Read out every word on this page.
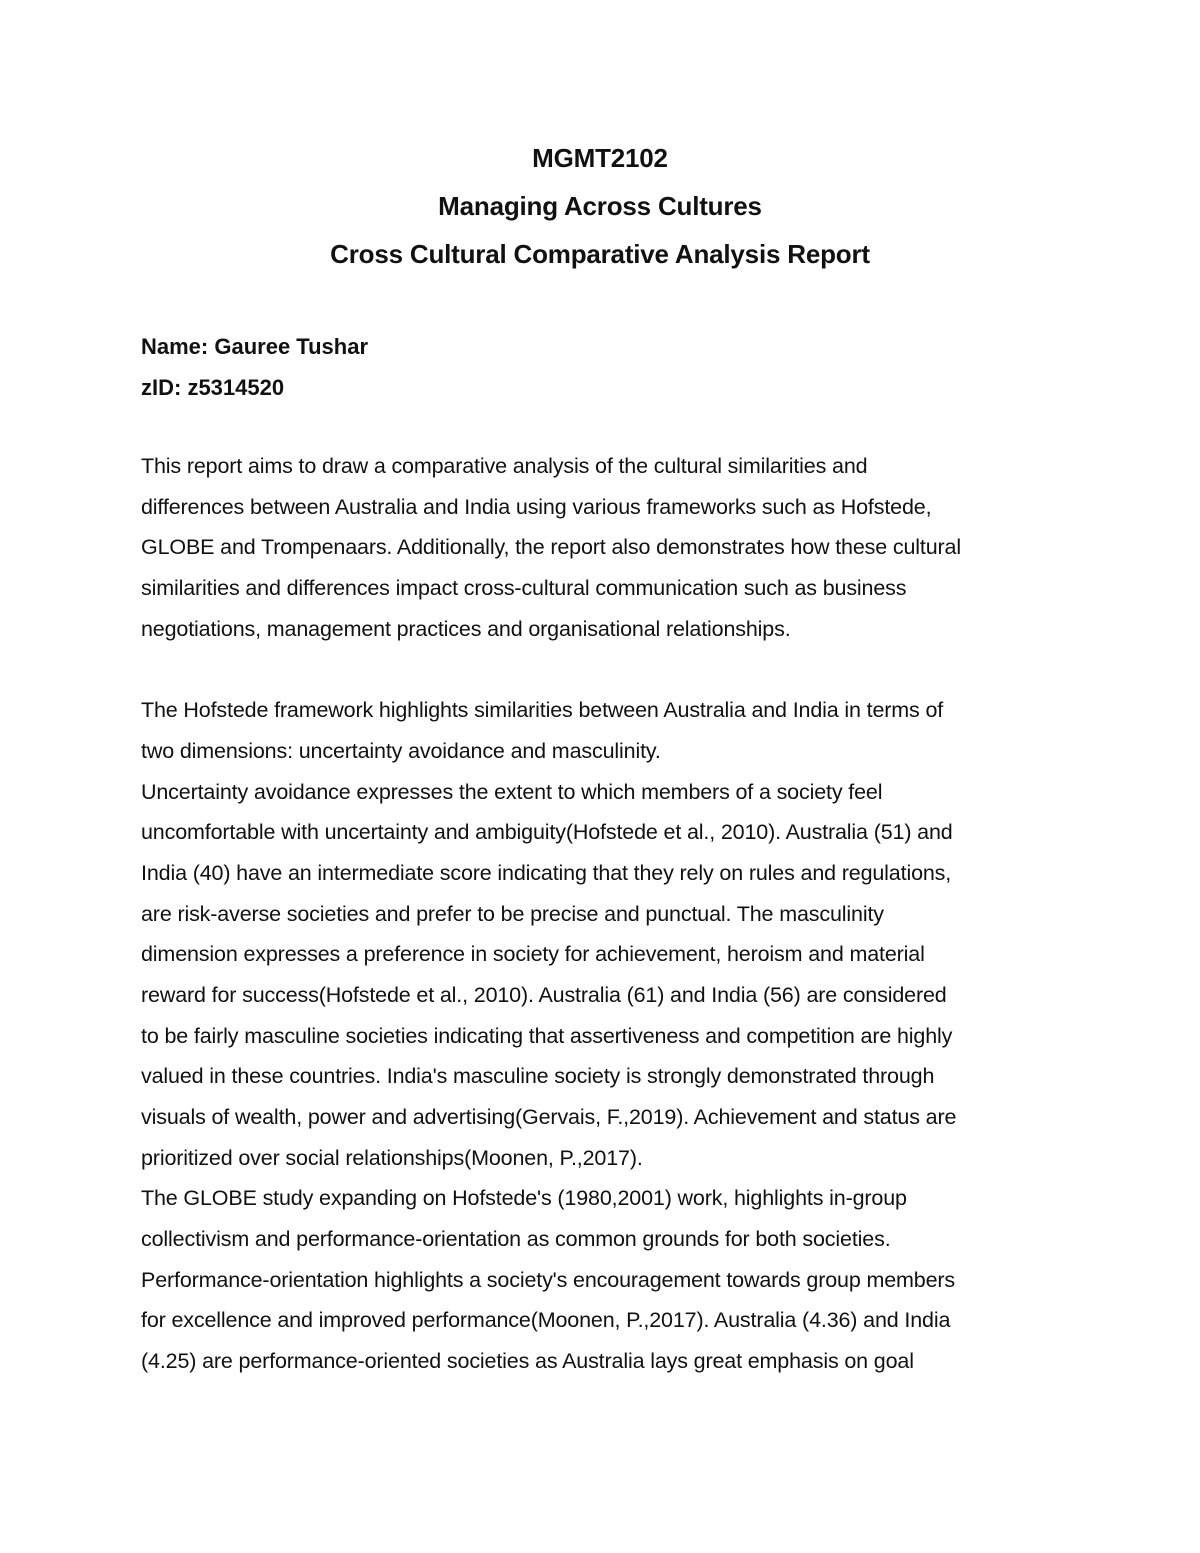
MGMT2102
Managing Across Cultures
Cross Cultural Comparative Analysis Report
Name: Gauree Tushar
zID: z5314520
This report aims to draw a comparative analysis of the cultural similarities and
differences between Australia and India using various frameworks such as Hofstede,
GLOBE and Trompenaars. Additionally, the report also demonstrates how these cultural
similarities and differences impact cross-cultural communication such as business
negotiations, management practices and organisational relationships.
The Hofstede framework highlights similarities between Australia and India in terms of
two dimensions: uncertainty avoidance and masculinity.
Uncertainty avoidance expresses the extent to which members of a society feel
uncomfortable with uncertainty and ambiguity(Hofstede et al., 2010). Australia (51) and
India (40) have an intermediate score indicating that they rely on rules and regulations,
are risk-averse societies and prefer to be precise and punctual. The masculinity
dimension expresses a preference in society for achievement, heroism and material
reward for success(Hofstede et al., 2010). Australia (61) and India (56) are considered
to be fairly masculine societies indicating that assertiveness and competition are highly
valued in these countries. India's masculine society is strongly demonstrated through
visuals of wealth, power and advertising(Gervais, F.,2019). Achievement and status are
prioritized over social relationships(Moonen, P.,2017).
The GLOBE study expanding on Hofstede's (1980,2001) work, highlights in-group
collectivism and performance-orientation as common grounds for both societies.
Performance-orientation highlights a society's encouragement towards group members
for excellence and improved performance(Moonen, P.,2017). Australia (4.36) and India
(4.25) are performance-oriented societies as Australia lays great emphasis on goal
